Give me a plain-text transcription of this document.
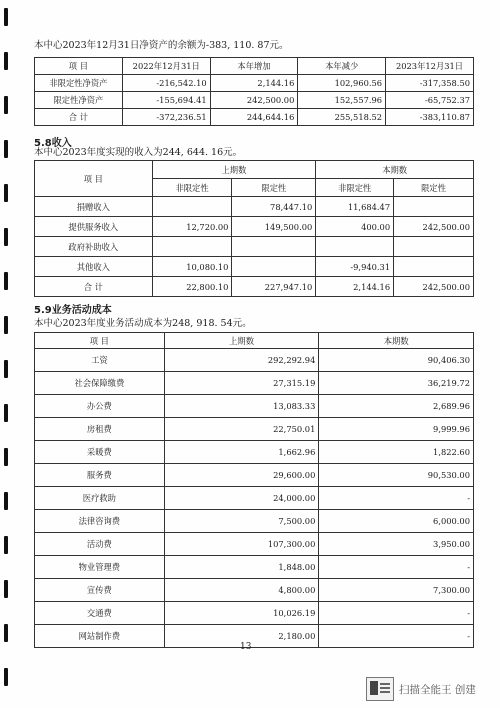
本中心2023年12月31日净资产的余额为-383, 110. 87元。
项 目	2022年12月31日	本年增加	本年减少	2023年12月31日
非限定性净资产	-216,542.10	2,144.16	102,960.56	-317,358.50
限定性净资产	-155,694.41	242,500.00	152,557.96	-65,752.37
合 计	-372,236.51	244,644.16	255,518.52	-383,110.87
5.8收入
本中心2023年度实现的收入为244, 644. 16元。
项 目	上期数		本期数	
	非限定性	限定性	非限定性	限定性
捐赠收入		78,447.10	11,684.47	
提供服务收入	12,720.00	149,500.00	400.00	242,500.00
政府补助收入				
其他收入	10,080.10		-9,940.31	
合 计	22,800.10	227,947.10	2,144.16	242,500.00
5.9业务活动成本
本中心2023年度业务活动成本为248, 918. 54元。
项 目	上期数	本期数
工资	292,292.94	90,406.30
社会保障缴费	27,315.19	36,219.72
办公费	13,083.33	2,689.96
房租费	22,750.01	9,999.96
采暖费	1,662.96	1,822.60
服务费	29,600.00	90,530.00
医疗救助	24,000.00	-
法律咨询费	7,500.00	6,000.00
活动费	107,300.00	3,950.00
物业管理费	1,848.00	-
宣传费	4,800.00	7,300.00
交通费	10,026.19	-
网站制作费	2,180.00	-
13
扫描全能王 创建
